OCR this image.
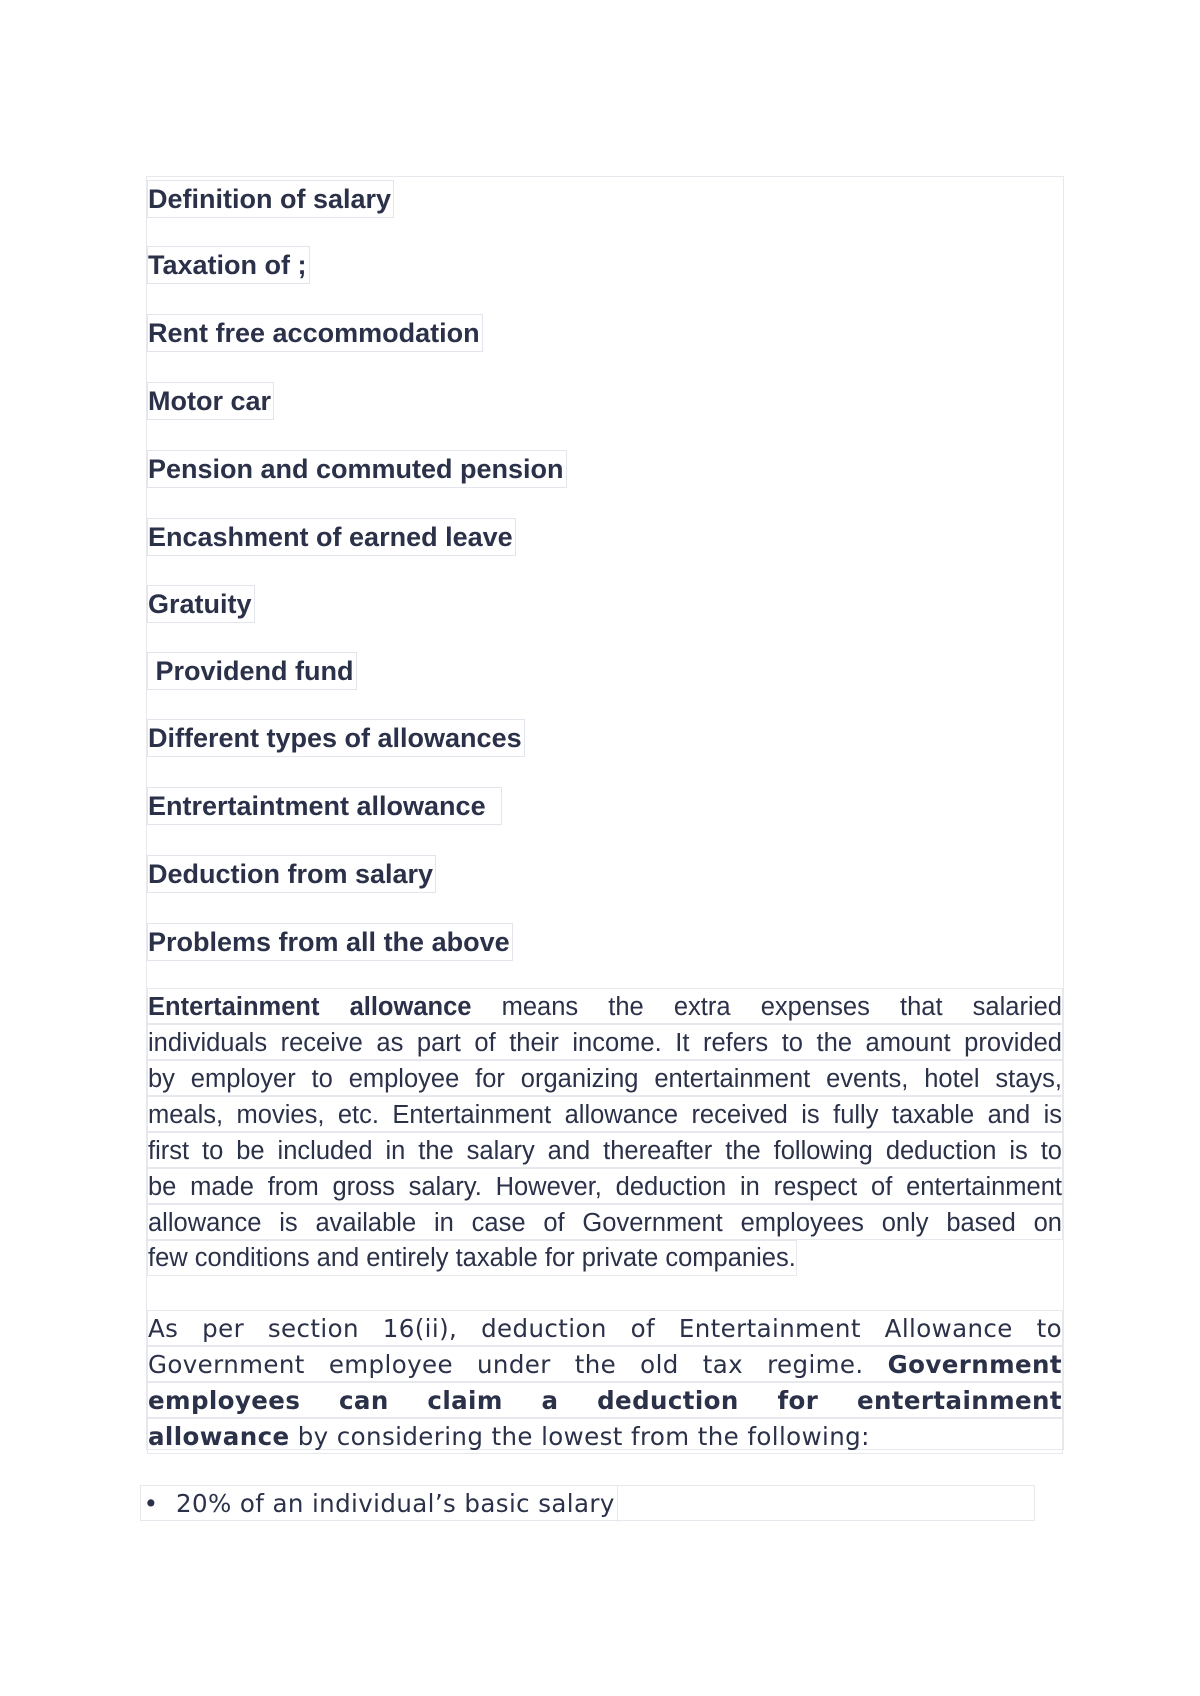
Definition of salary
Taxation of ;
Rent free accommodation
Motor car
Pension and commuted pension
Encashment of earned leave
Gratuity
Providend fund
Different types of allowances
Entrertaintment allowance
Deduction from salary
Problems from all the above
Entertainment allowance means the extra expenses that salaried
individuals receive as part of their income. It refers to the amount provided
by employer to employee for organizing entertainment events, hotel stays,
meals, movies, etc. Entertainment allowance received is fully taxable and is
first to be included in the salary and thereafter the following deduction is to
be made from gross salary. However, deduction in respect of entertainment
allowance is available in case of Government employees only based on
few conditions and entirely taxable for private companies.
As per section 16(ii), deduction of Entertainment Allowance to
Government employee under the old tax regime. Government
employees can claim a deduction for entertainment
allowance by considering the lowest from the following:
• 20% of an individual’s basic salary
